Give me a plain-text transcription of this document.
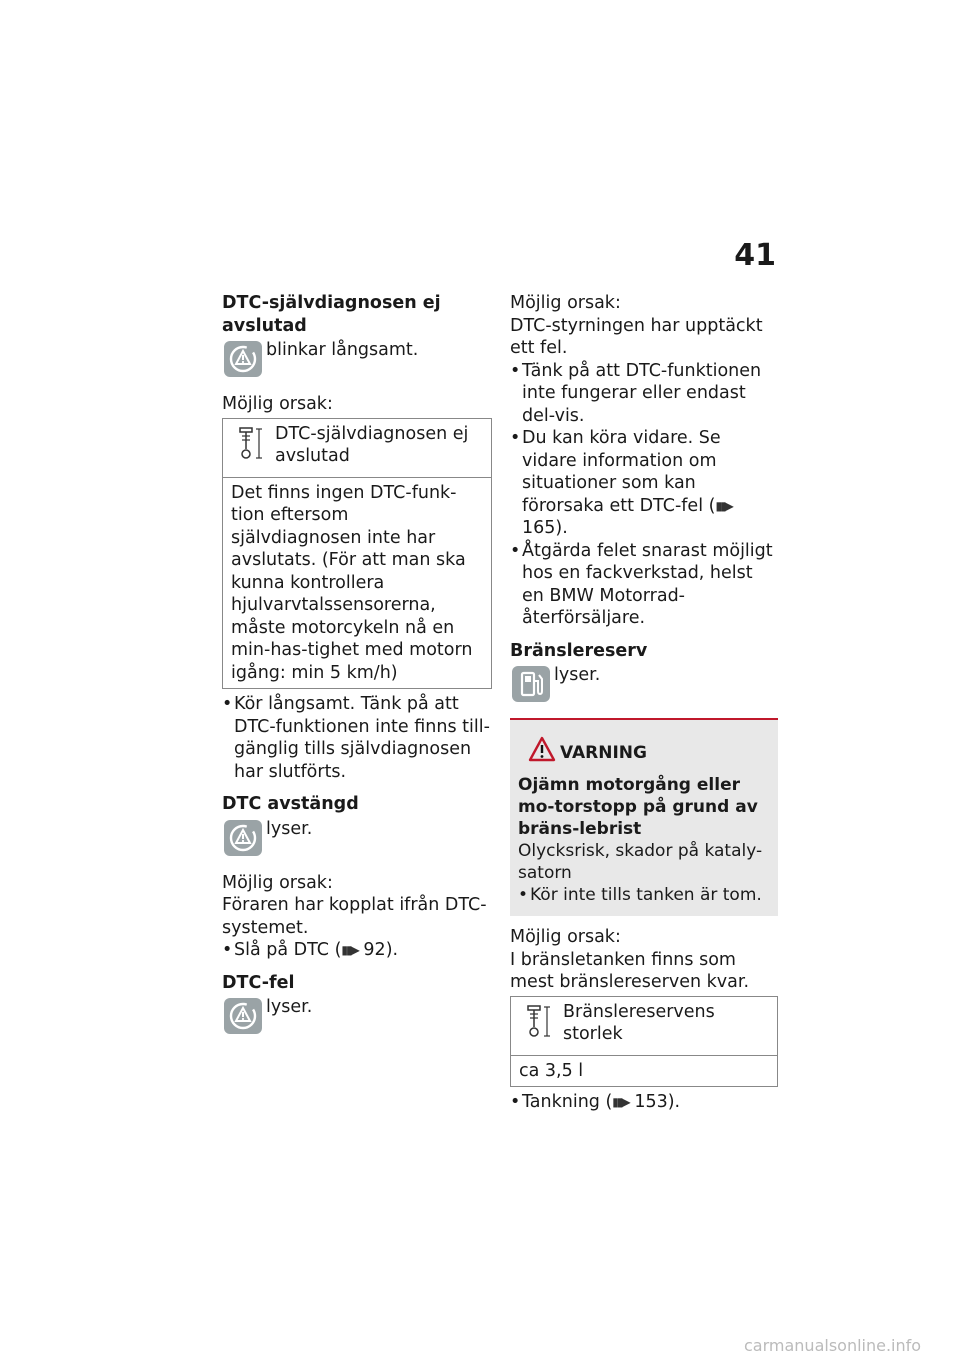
41

DTC-självdiagnosen ej avslutad

blinkar långsamt.

Möjlig orsak:

DTC-självdiagnosen ej avslutad
Det finns ingen DTC-funk-tion eftersom självdiagnosen inte har avslutats. (För att man ska kunna kontrollera hjulvarvtalssensorerna, måste motorcykeln nå en min-has-tighet med motorn igång: min 5 km/h)
• Kör långsamt. Tänk på att DTC-funktionen inte finns till-gänglig tills självdiagnosen har slutförts.

DTC avstängd

lyser.

Möjlig orsak:

Föraren har kopplat ifrån DTC-systemet.

• Slå på DTC (▮▮▶ 92).

DTC-fel

lyser.

Möjlig orsak:

DTC-styrningen har upptäckt ett fel.

• Tänk på att DTC-funktionen inte fungerar eller endast del-vis.
• Du kan köra vidare. Se vidare information om situationer som kan förorsaka ett DTC-fel (▮▮▶ 165).
• Åtgärda felet snarast möjligt hos en fackverkstad, helst en BMW Motorrad-återförsäljare.

Bränslereserv

lyser.
VARNING

Ojämn motorgång eller mo-torstopp på grund av bräns-lebrist

Olycksrisk, skador på kataly-satorn

• Kör inte tills tanken är tom.

Möjlig orsak:

I bränsletanken finns som mest bränslereserven kvar.

Bränslereservens storlek
ca 3,5 l
• Tankning (▮▮▶ 153).
carmanualsonline.info
